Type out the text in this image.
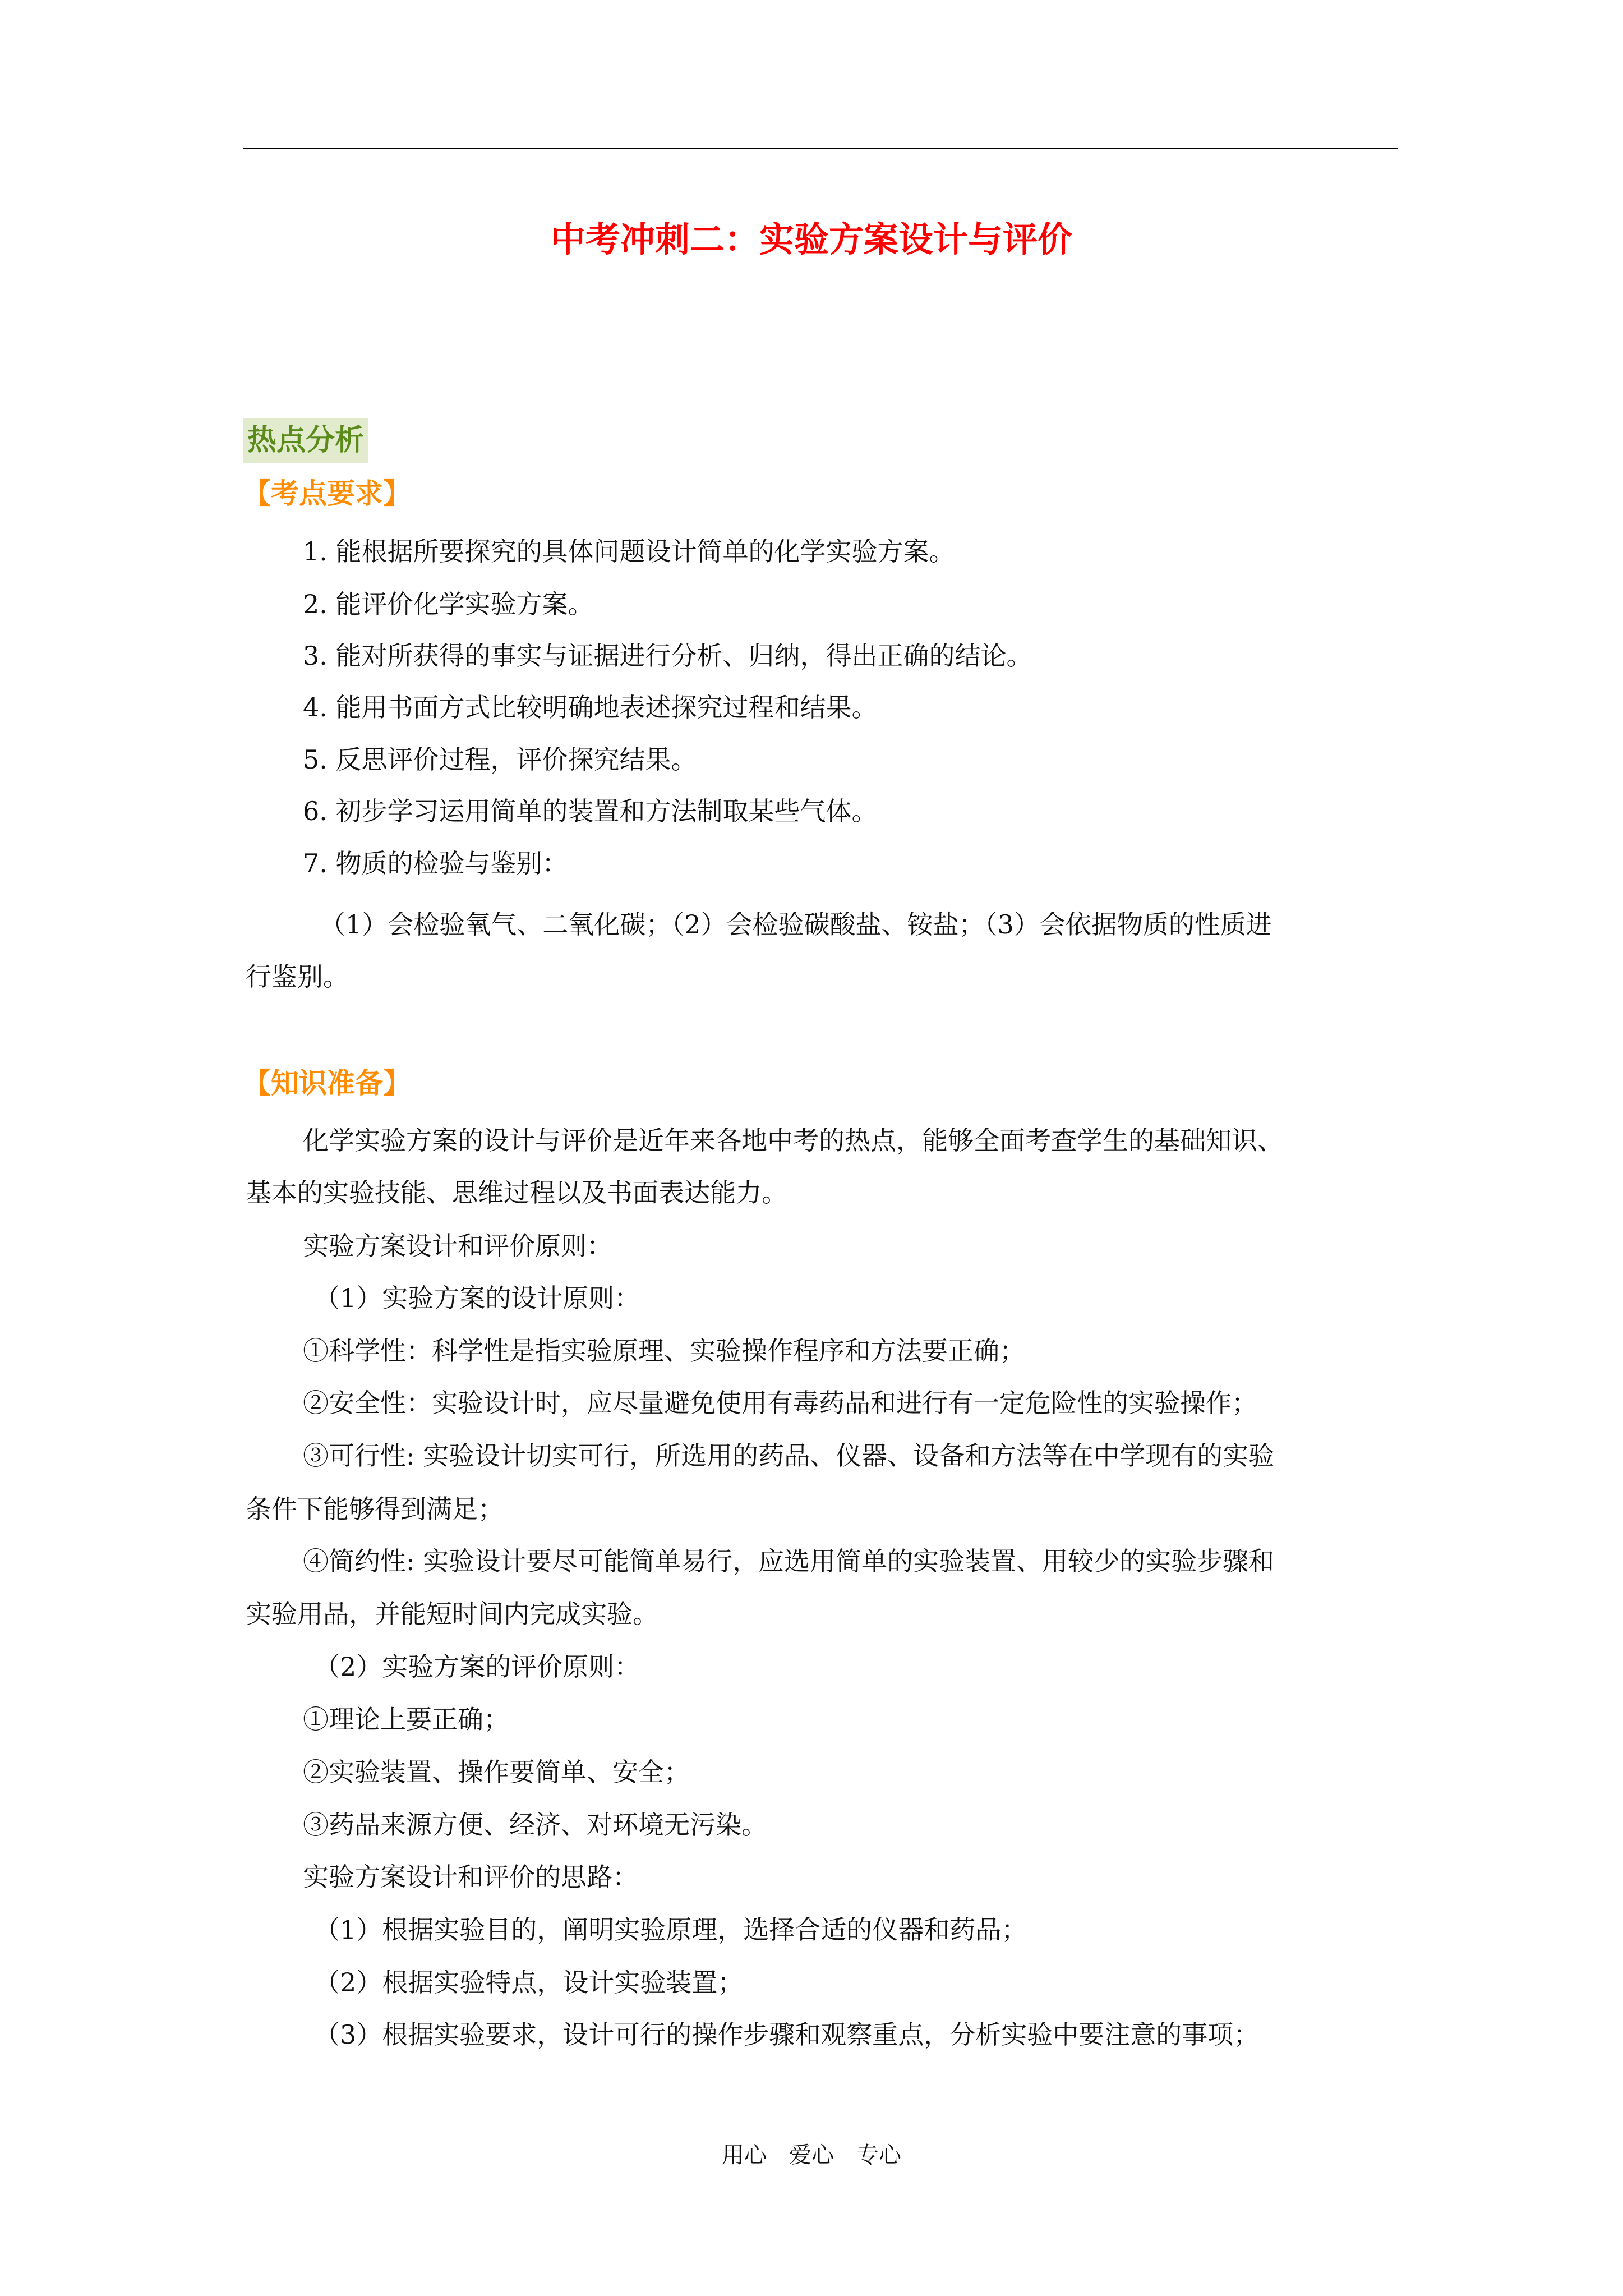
中考冲刺二：实验方案设计与评价
热点分析
【考点要求】

1. 能根据所要探究的具体问题设计简单的化学实验方案。

2. 能评价化学实验方案。

3. 能对所获得的事实与证据进行分析、归纳，得出正确的结论。

4. 能用书面方式比较明确地表述探究过程和结果。

5. 反思评价过程，评价探究结果。

6. 初步学习运用简单的装置和方法制取某些气体。

7. 物质的检验与鉴别：

（1）会检验氧气、二氧化碳；（2）会检验碳酸盐、铵盐；（3）会依据物质的性质进

行鉴别。

【知识准备】

化学实验方案的设计与评价是近年来各地中考的热点，能够全面考查学生的基础知识、

基本的实验技能、思维过程以及书面表达能力。

实验方案设计和评价原则：

（1）实验方案的设计原则：

①科学性：科学性是指实验原理、实验操作程序和方法要正确；

②安全性：实验设计时，应尽量避免使用有毒药品和进行有一定危险性的实验操作；

③可行性: 实验设计切实可行，所选用的药品、仪器、设备和方法等在中学现有的实验

条件下能够得到满足；

④简约性: 实验设计要尽可能简单易行，应选用简单的实验装置、用较少的实验步骤和

实验用品，并能短时间内完成实验。

（2）实验方案的评价原则：

①理论上要正确；

②实验装置、操作要简单、安全；

③药品来源方便、经济、对环境无污染。

实验方案设计和评价的思路：

（1）根据实验目的，阐明实验原理，选择合适的仪器和药品；

（2）根据实验特点，设计实验装置；

（3）根据实验要求，设计可行的操作步骤和观察重点，分析实验中要注意的事项；

用心　爱心　专心
